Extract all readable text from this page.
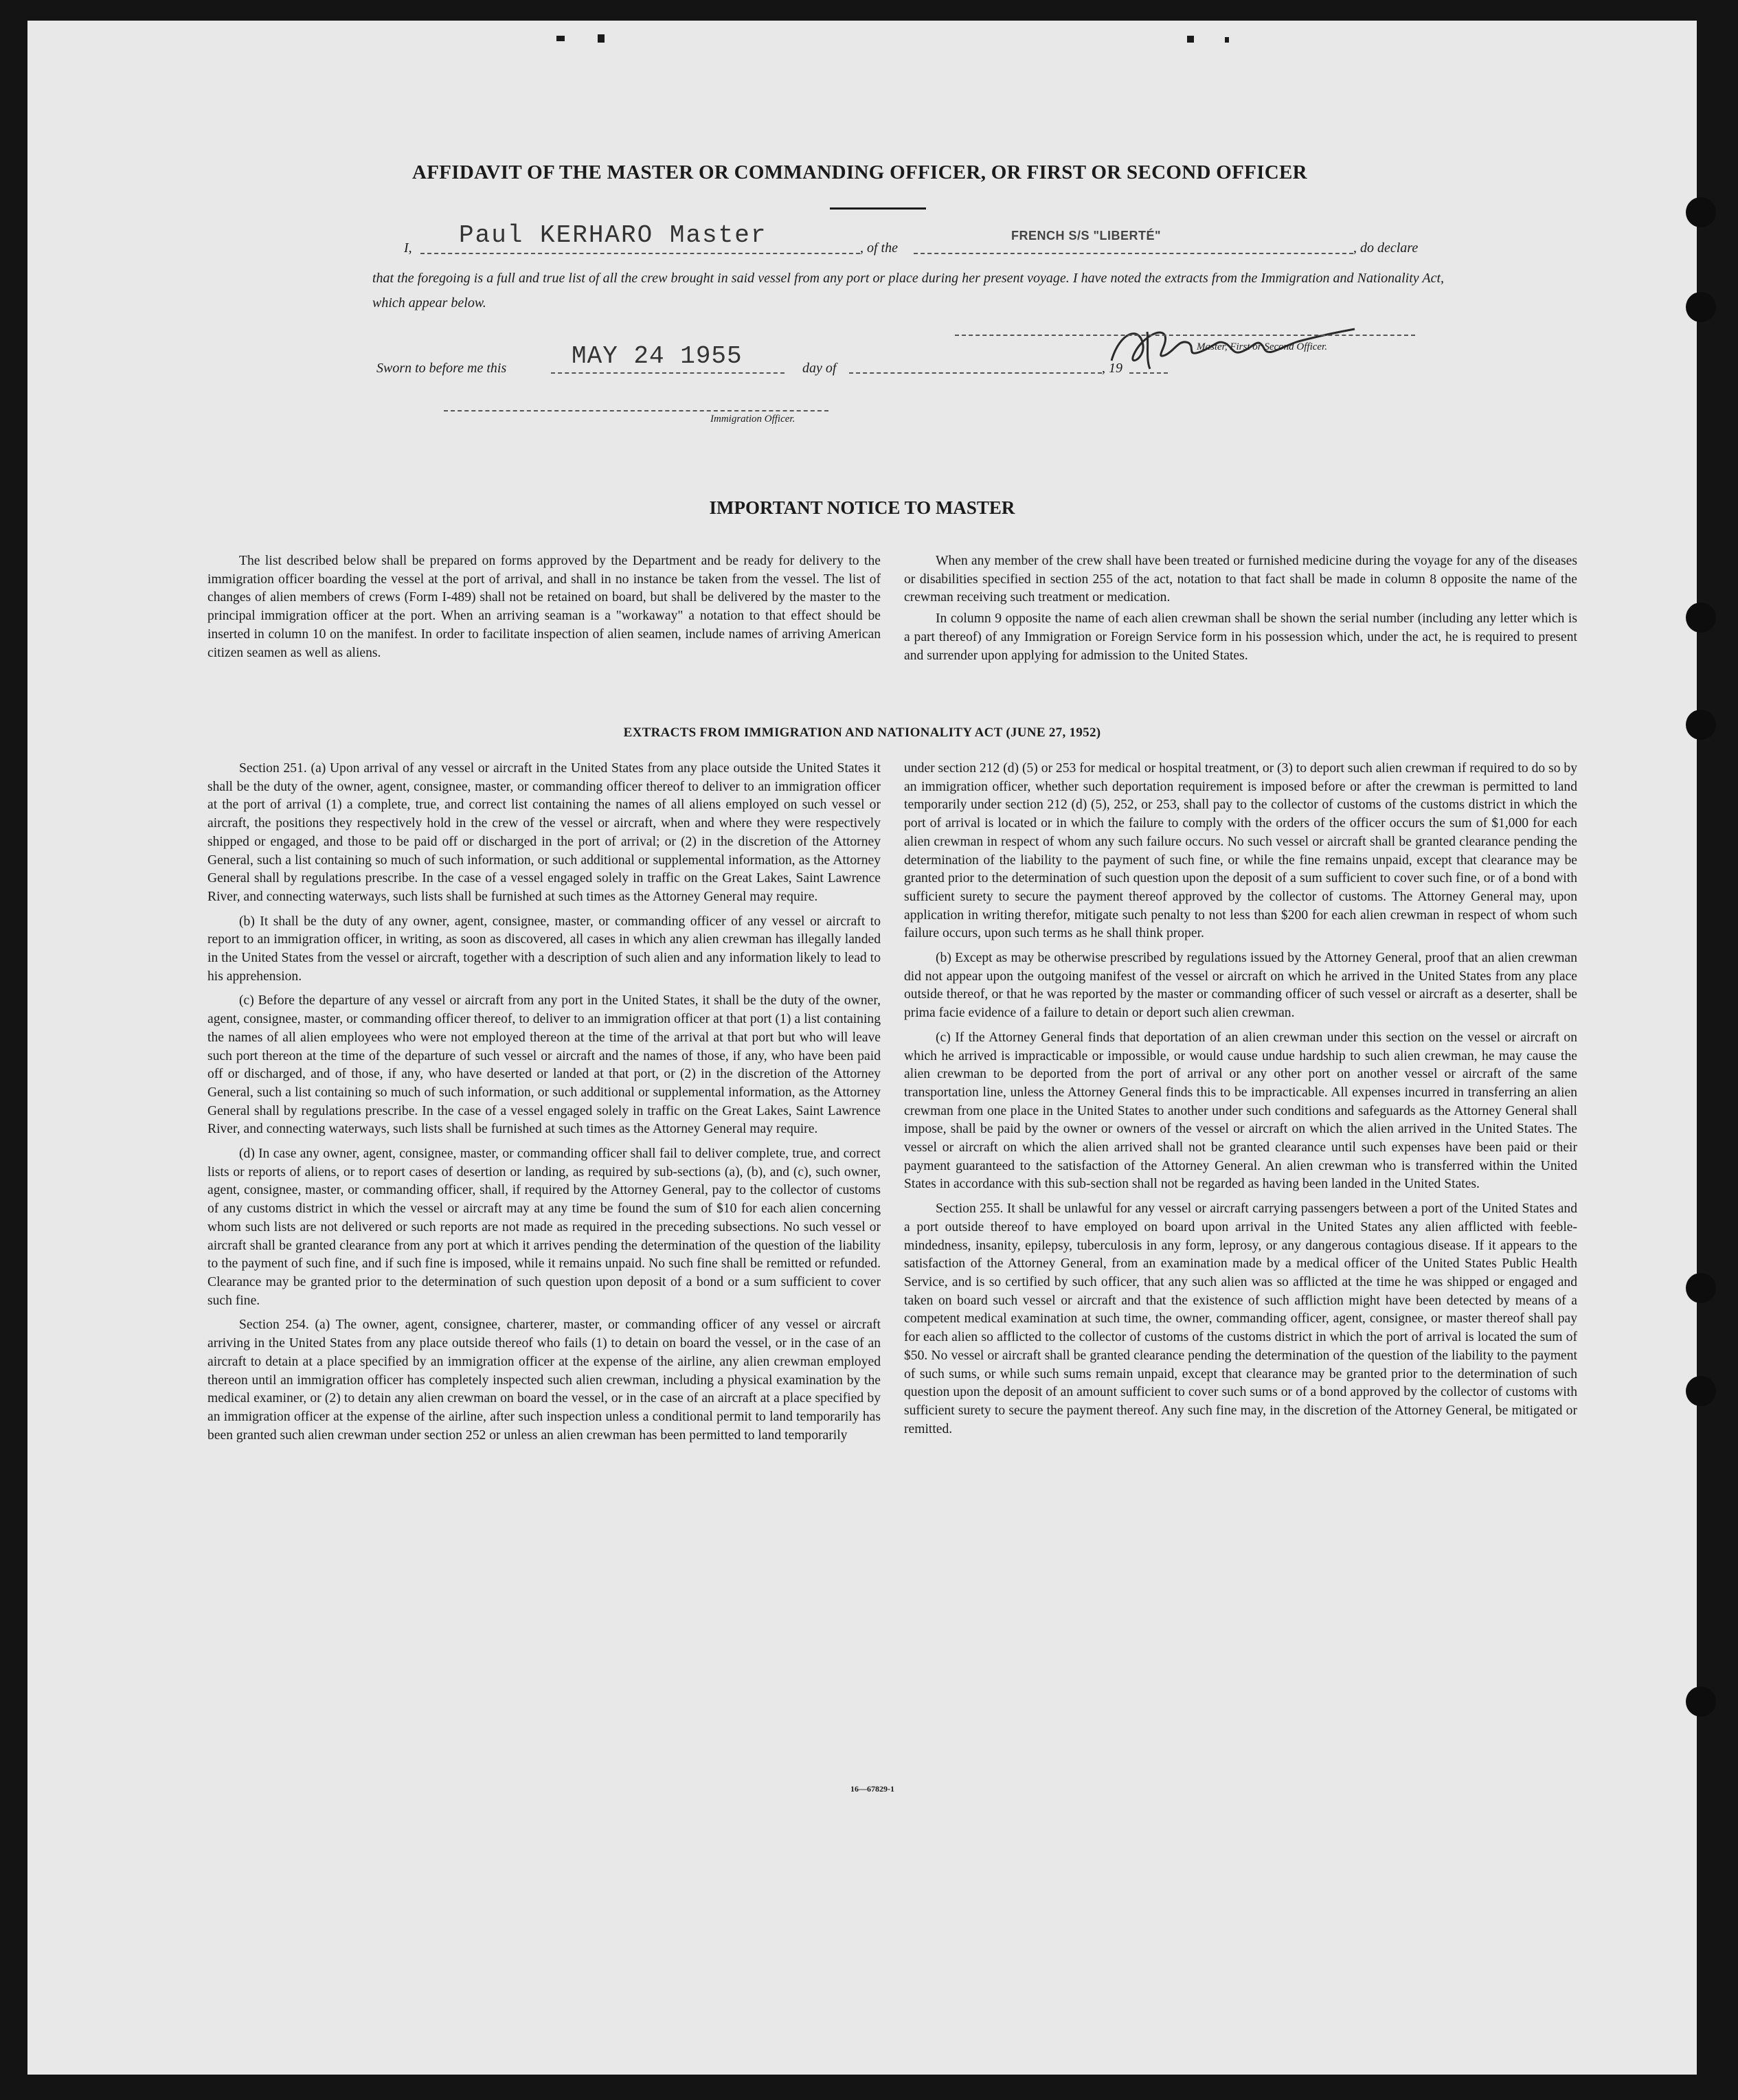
AFFIDAVIT OF THE MASTER OR COMMANDING OFFICER, OR FIRST OR SECOND OFFICER
I, Paul KERHARO Master	, of the
FRENCH S/S "LIBERTÉ"
, do declare
that the foregoing is a full and true list of all the crew brought in said vessel from any port or place during her present voyage. I have noted the extracts from the Immigration and Nationality Act, which appear below.
Master, First or Second Officer.
Sworn to before me this	MAY 24 1955	day of	, 19
Immigration Officer.
IMPORTANT NOTICE TO MASTER

The list described below shall be prepared on forms approved by the Department and be ready for delivery to the immigration officer boarding the vessel at the port of arrival, and shall in no instance be taken from the vessel. The list of changes of alien members of crews (Form I-489) shall not be retained on board, but shall be delivered by the master to the principal immigration officer at the port. When an arriving seaman is a "workaway" a notation to that effect should be inserted in column 10 on the manifest. In order to facilitate inspection of alien seamen, include names of arriving American citizen seamen as well as aliens.

When any member of the crew shall have been treated or furnished medicine during the voyage for any of the diseases or disabilities specified in section 255 of the act, notation to that fact shall be made in column 8 opposite the name of the crewman receiving such treatment or medication.

In column 9 opposite the name of each alien crewman shall be shown the serial number (including any letter which is a part thereof) of any Immigration or Foreign Service form in his possession which, under the act, he is required to present and surrender upon applying for admission to the United States.

EXTRACTS FROM IMMIGRATION AND NATIONALITY ACT (JUNE 27, 1952)

Section 251. (a) Upon arrival of any vessel or aircraft in the United States from any place outside the United States it shall be the duty of the owner, agent, consignee, master, or commanding officer thereof to deliver to an immigration officer at the port of arrival (1) a complete, true, and correct list containing the names of all aliens employed on such vessel or aircraft, the positions they respectively hold in the crew of the vessel or aircraft, when and where they were respectively shipped or engaged, and those to be paid off or discharged in the port of arrival; or (2) in the discretion of the Attorney General, such a list containing so much of such information, or such additional or supplemental information, as the Attorney General shall by regulations prescribe. In the case of a vessel engaged solely in traffic on the Great Lakes, Saint Lawrence River, and connecting waterways, such lists shall be furnished at such times as the Attorney General may require.

(b) It shall be the duty of any owner, agent, consignee, master, or commanding officer of any vessel or aircraft to report to an immigration officer, in writing, as soon as discovered, all cases in which any alien crewman has illegally landed in the United States from the vessel or aircraft, together with a description of such alien and any information likely to lead to his apprehension.

(c) Before the departure of any vessel or aircraft from any port in the United States, it shall be the duty of the owner, agent, consignee, master, or commanding officer thereof, to deliver to an immigration officer at that port (1) a list containing the names of all alien employees who were not employed thereon at the time of the arrival at that port but who will leave such port thereon at the time of the departure of such vessel or aircraft and the names of those, if any, who have been paid off or discharged, and of those, if any, who have deserted or landed at that port, or (2) in the discretion of the Attorney General, such a list containing so much of such information, or such additional or supplemental information, as the Attorney General shall by regulations prescribe. In the case of a vessel engaged solely in traffic on the Great Lakes, Saint Lawrence River, and connecting waterways, such lists shall be furnished at such times as the Attorney General may require.

(d) In case any owner, agent, consignee, master, or commanding officer shall fail to deliver complete, true, and correct lists or reports of aliens, or to report cases of desertion or landing, as required by sub-sections (a), (b), and (c), such owner, agent, consignee, master, or commanding officer, shall, if required by the Attorney General, pay to the collector of customs of any customs district in which the vessel or aircraft may at any time be found the sum of $10 for each alien concerning whom such lists are not delivered or such reports are not made as required in the preceding subsections. No such vessel or aircraft shall be granted clearance from any port at which it arrives pending the determination of the question of the liability to the payment of such fine, and if such fine is imposed, while it remains unpaid. No such fine shall be remitted or refunded. Clearance may be granted prior to the determination of such question upon deposit of a bond or a sum sufficient to cover such fine.

Section 254. (a) The owner, agent, consignee, charterer, master, or commanding officer of any vessel or aircraft arriving in the United States from any place outside thereof who fails (1) to detain on board the vessel, or in the case of an aircraft to detain at a place specified by an immigration officer at the expense of the airline, any alien crewman employed thereon until an immigration officer has completely inspected such alien crewman, including a physical examination by the medical examiner, or (2) to detain any alien crewman on board the vessel, or in the case of an aircraft at a place specified by an immigration officer at the expense of the airline, after such inspection unless a conditional permit to land temporarily has been granted such alien crewman under section 252 or unless an alien crewman has been permitted to land temporarily

under section 212 (d) (5) or 253 for medical or hospital treatment, or (3) to deport such alien crewman if required to do so by an immigration officer, whether such deportation requirement is imposed before or after the crewman is permitted to land temporarily under section 212 (d) (5), 252, or 253, shall pay to the collector of customs of the customs district in which the port of arrival is located or in which the failure to comply with the orders of the officer occurs the sum of $1,000 for each alien crewman in respect of whom any such failure occurs. No such vessel or aircraft shall be granted clearance pending the determination of the liability to the payment of such fine, or while the fine remains unpaid, except that clearance may be granted prior to the determination of such question upon the deposit of a sum sufficient to cover such fine, or of a bond with sufficient surety to secure the payment thereof approved by the collector of customs. The Attorney General may, upon application in writing therefor, mitigate such penalty to not less than $200 for each alien crewman in respect of whom such failure occurs, upon such terms as he shall think proper.

(b) Except as may be otherwise prescribed by regulations issued by the Attorney General, proof that an alien crewman did not appear upon the outgoing manifest of the vessel or aircraft on which he arrived in the United States from any place outside thereof, or that he was reported by the master or commanding officer of such vessel or aircraft as a deserter, shall be prima facie evidence of a failure to detain or deport such alien crewman.

(c) If the Attorney General finds that deportation of an alien crewman under this section on the vessel or aircraft on which he arrived is impracticable or impossible, or would cause undue hardship to such alien crewman, he may cause the alien crewman to be deported from the port of arrival or any other port on another vessel or aircraft of the same transportation line, unless the Attorney General finds this to be impracticable. All expenses incurred in transferring an alien crewman from one place in the United States to another under such conditions and safeguards as the Attorney General shall impose, shall be paid by the owner or owners of the vessel or aircraft on which the alien arrived in the United States. The vessel or aircraft on which the alien arrived shall not be granted clearance until such expenses have been paid or their payment guaranteed to the satisfaction of the Attorney General. An alien crewman who is transferred within the United States in accordance with this sub-section shall not be regarded as having been landed in the United States.

Section 255. It shall be unlawful for any vessel or aircraft carrying passengers between a port of the United States and a port outside thereof to have employed on board upon arrival in the United States any alien afflicted with feeble-mindedness, insanity, epilepsy, tuberculosis in any form, leprosy, or any dangerous contagious disease. If it appears to the satisfaction of the Attorney General, from an examination made by a medical officer of the United States Public Health Service, and is so certified by such officer, that any such alien was so afflicted at the time he was shipped or engaged and taken on board such vessel or aircraft and that the existence of such affliction might have been detected by means of a competent medical examination at such time, the owner, commanding officer, agent, consignee, or master thereof shall pay for each alien so afflicted to the collector of customs of the customs district in which the port of arrival is located the sum of $50. No vessel or aircraft shall be granted clearance pending the determination of the question of the liability to the payment of such sums, or while such sums remain unpaid, except that clearance may be granted prior to the determination of such question upon the deposit of an amount sufficient to cover such sums or of a bond approved by the collector of customs with sufficient surety to secure the payment thereof. Any such fine may, in the discretion of the Attorney General, be mitigated or remitted.

16—67829-1
